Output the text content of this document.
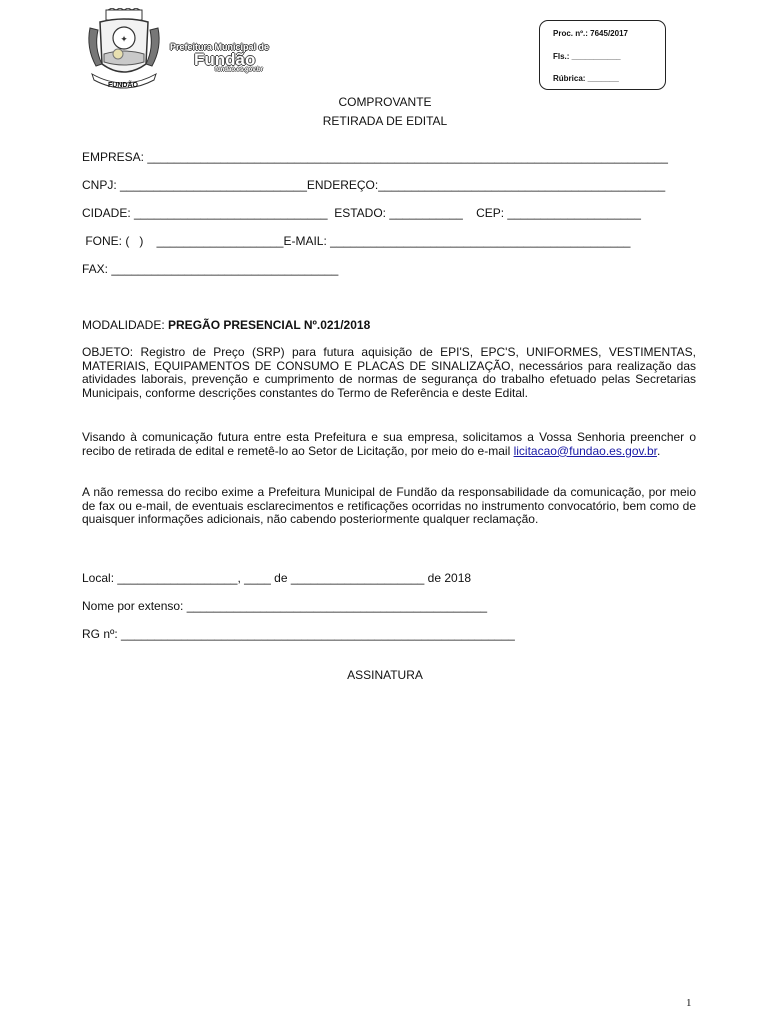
✦
FUNDÃO
Prefeitura Municipal de
Fundão
fundao.es.gov.br
Proc. nº.: 7645/2017
Fls.: ___________
Rúbrica: _______
COMPROVANTE
RETIRADA DE EDITAL
EMPRESA: ______________________________________________________________________________
CNPJ: ____________________________ENDEREÇO:___________________________________________
CIDADE: _____________________________  ESTADO: ___________    CEP: ____________________
FONE: (   )    ___________________E-MAIL: _____________________________________________
FAX: __________________________________
MODALIDADE: PREGÃO PRESENCIAL Nº.021/2018
OBJETO: Registro de Preço (SRP) para futura aquisição de EPI'S, EPC'S, UNIFORMES, VESTIMENTAS, MATERIAIS, EQUIPAMENTOS DE CONSUMO E PLACAS DE SINALIZAÇÃO, necessários para realização das atividades laborais, prevenção e cumprimento de normas de segurança do trabalho efetuado pelas Secretarias Municipais, conforme descrições constantes do Termo de Referência e deste Edital.
Visando à comunicação futura entre esta Prefeitura e sua empresa, solicitamos a Vossa Senhoria preencher o recibo de retirada de edital e remetê-lo ao Setor de Licitação, por meio do e-mail licitacao@fundao.es.gov.br.
A não remessa do recibo exime a Prefeitura Municipal de Fundão da responsabilidade da comunicação, por meio de fax ou e-mail, de eventuais esclarecimentos e retificações ocorridas no instrumento convocatório, bem como de quaisquer informações adicionais, não cabendo posteriormente qualquer reclamação.
Local: __________________, ____ de ____________________ de 2018
Nome por extenso: _____________________________________________
RG nº: ___________________________________________________________
ASSINATURA
1
